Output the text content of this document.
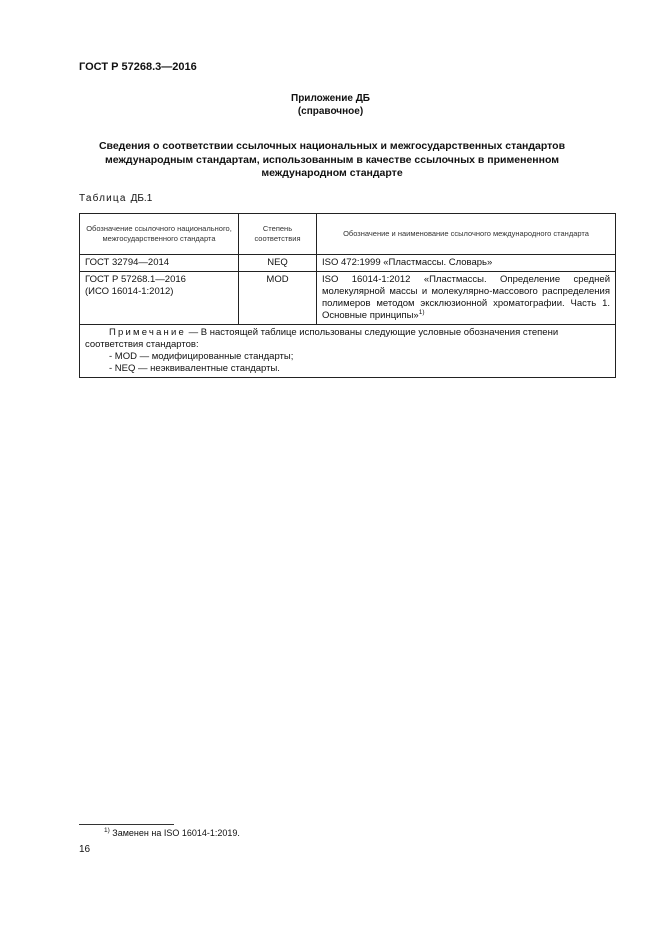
ГОСТ Р 57268.3—2016
Приложение ДБ
(справочное)
Сведения о соответствии ссылочных национальных и межгосударственных стандартов
международным стандартам, использованным в качестве ссылочных в примененном
международном стандарте
Таблица ДБ.1
Обозначение ссылочного национального, межгосударственного стандарта	Степень соответствия	Обозначение и наименование ссылочного международного стандарта
ГОСТ 32794—2014	NEQ	ISO 472:1999 «Пластмассы. Словарь»

ГОСТ Р 57268.1—2016
(ИСО 16014-1:2012)	MOD	ISO 16014-1:2012 «Пластмассы. Определение средней молекулярной массы и молекулярно-массового распределения полимеров методом эксклюзионной хроматографии. Часть 1. Основные принципы»$^{1)}$

Примечание — В настоящей таблице использованы следующие условные обозначения степени соответствия стандартов:
- MOD — модифицированные стандарты;
- NEQ — неэквивалентные стандарты.		
$^{1)}$ Заменен на ISO 16014-1:2019.
16
